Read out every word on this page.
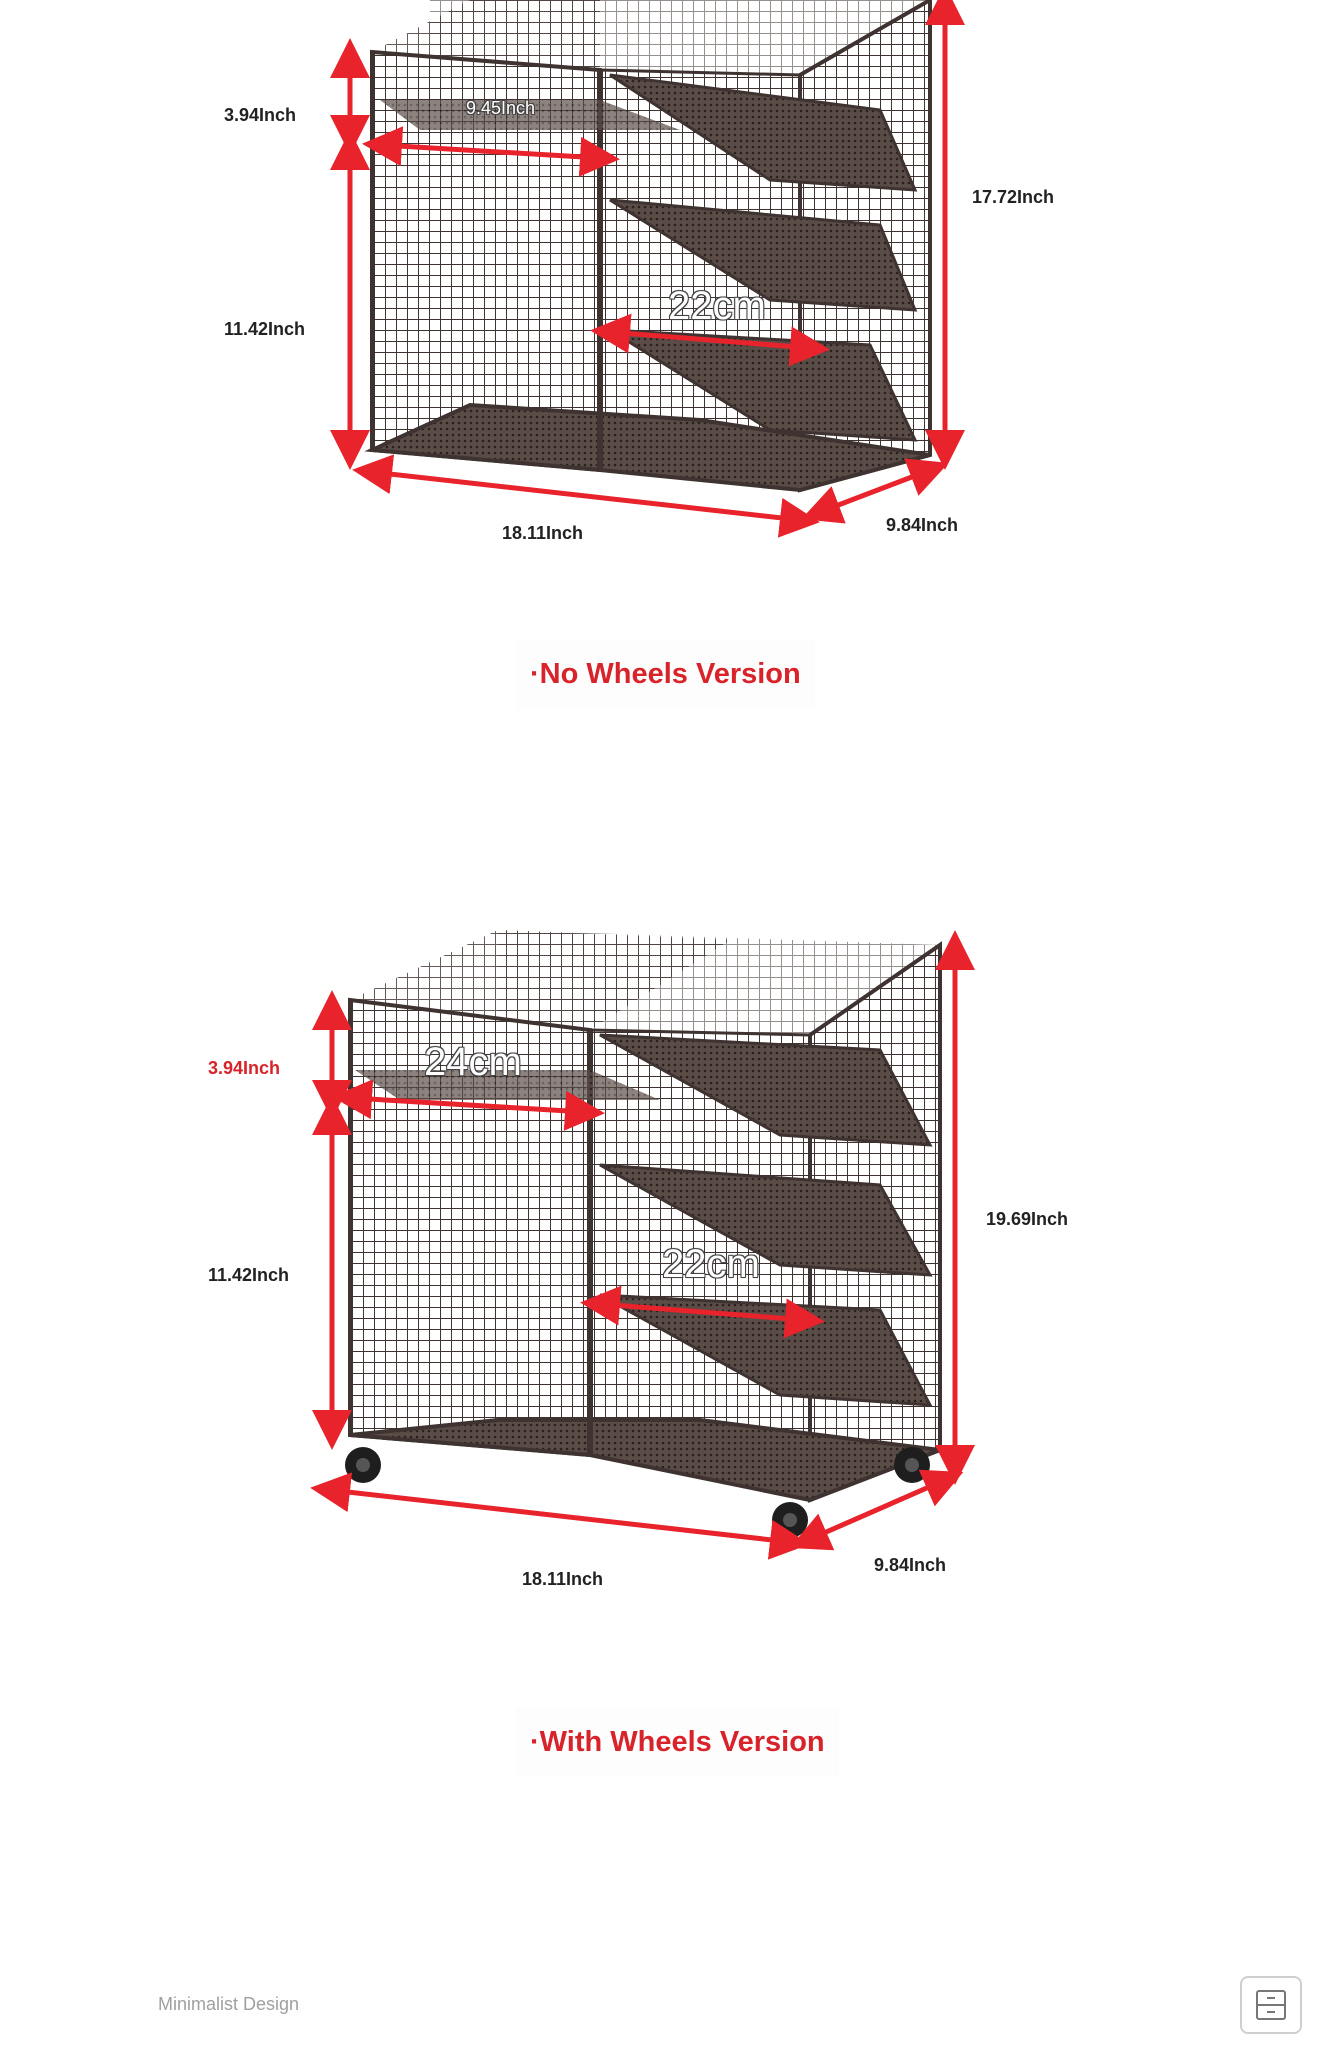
9.45Inch
22cm
3.94Inch
11.42Inch
17.72Inch
18.11Inch	9.84Inch
·No Wheels Version
24cm
22cm
3.94Inch
11.42Inch
19.69Inch
18.11Inch
9.84Inch
·With Wheels Version
Minimalist Design
